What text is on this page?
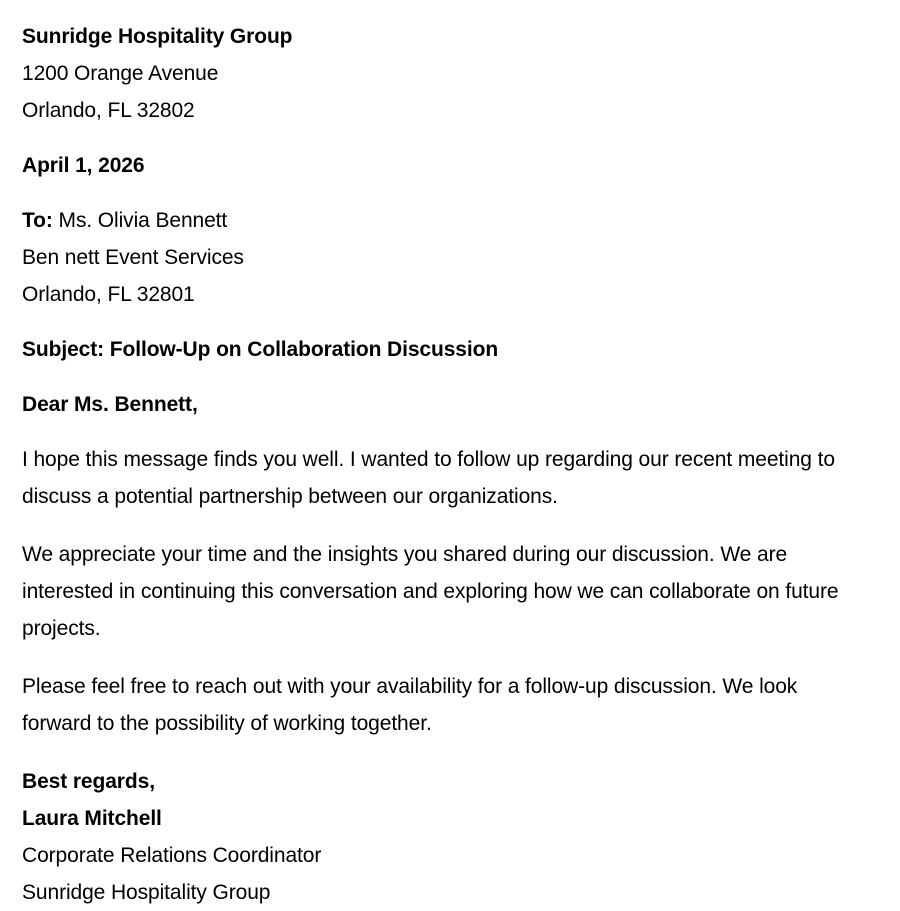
Sunridge Hospitality Group
1200 Orange Avenue
Orlando, FL 32802
April 1, 2026
To: Ms. Olivia Bennett
Ben nett Event Services
Orlando, FL 32801
Subject: Follow-Up on Collaboration Discussion
Dear Ms. Bennett,

I hope this message finds you well. I wanted to follow up regarding our recent meeting to discuss a potential partnership between our organizations.

We appreciate your time and the insights you shared during our discussion. We are interested in continuing this conversation and exploring how we can collaborate on future projects.

Please feel free to reach out with your availability for a follow-up discussion. We look forward to the possibility of working together.

Best regards,
Laura Mitchell
Corporate Relations Coordinator
Sunridge Hospitality Group
